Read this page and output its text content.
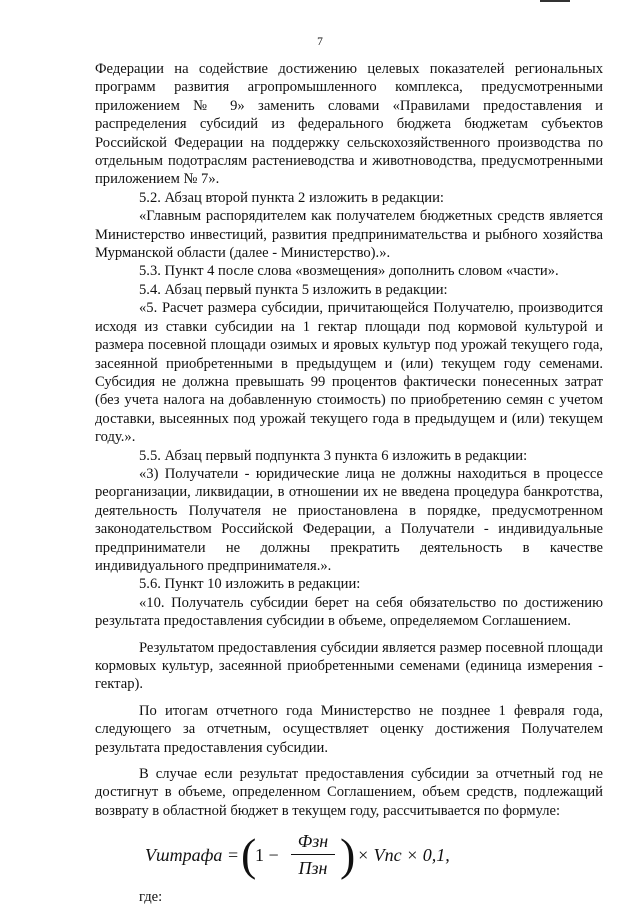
7

Федерации на содействие достижению целевых показателей региональных программ развития агропромышленного комплекса, предусмотренными приложением № 9» заменить словами «Правилами предоставления и распределения субсидий из федерального бюджета бюджетам субъектов Российской Федерации на поддержку сельскохозяйственного производства по отдельным подотраслям растениеводства и животноводства, предусмотренными приложением № 7».

5.2. Абзац второй пункта 2 изложить в редакции:

«Главным распорядителем как получателем бюджетных средств является Министерство инвестиций, развития предпринимательства и рыбного хозяйства Мурманской области (далее - Министерство).».

5.3. Пункт 4 после слова «возмещения» дополнить словом «части».

5.4. Абзац первый пункта 5 изложить в редакции:

«5. Расчет размера субсидии, причитающейся Получателю, производится исходя из ставки субсидии на 1 гектар площади под кормовой культурой и размера посевной площади озимых и яровых культур под урожай текущего года, засеянной приобретенными в предыдущем и (или) текущем году семенами. Субсидия не должна превышать 99 процентов фактически понесенных затрат (без учета налога на добавленную стоимость) по приобретению семян с учетом доставки, высеянных под урожай текущего года в предыдущем и (или) текущем году.».

5.5. Абзац первый подпункта 3 пункта 6 изложить в редакции:

«3) Получатели - юридические лица не должны находиться в процессе реорганизации, ликвидации, в отношении их не введена процедура банкротства, деятельность Получателя не приостановлена в порядке, предусмотренном законодательством Российской Федерации, а Получатели - индивидуальные предприниматели не должны прекратить деятельность в качестве индивидуального предпринимателя.».

5.6. Пункт 10 изложить в редакции:

«10. Получатель субсидии берет на себя обязательство по достижению результата предоставления субсидии в объеме, определяемом Соглашением.

Результатом предоставления субсидии является размер посевной площади кормовых культур, засеянной приобретенными семенами (единица измерения - гектар).

По итогам отчетного года Министерство не позднее 1 февраля года, следующего за отчетным, осуществляет оценку достижения Получателем результата предоставления субсидии.

В случае если результат предоставления субсидии за отчетный год не достигнут в объеме, определенном Соглашением, объем средств, подлежащий возврату в областной бюджет в текущем году, рассчитывается по формуле:

Vштрафа = (
1 −
Фзн
Пзн ) × Vпс × 0,1,

где:
